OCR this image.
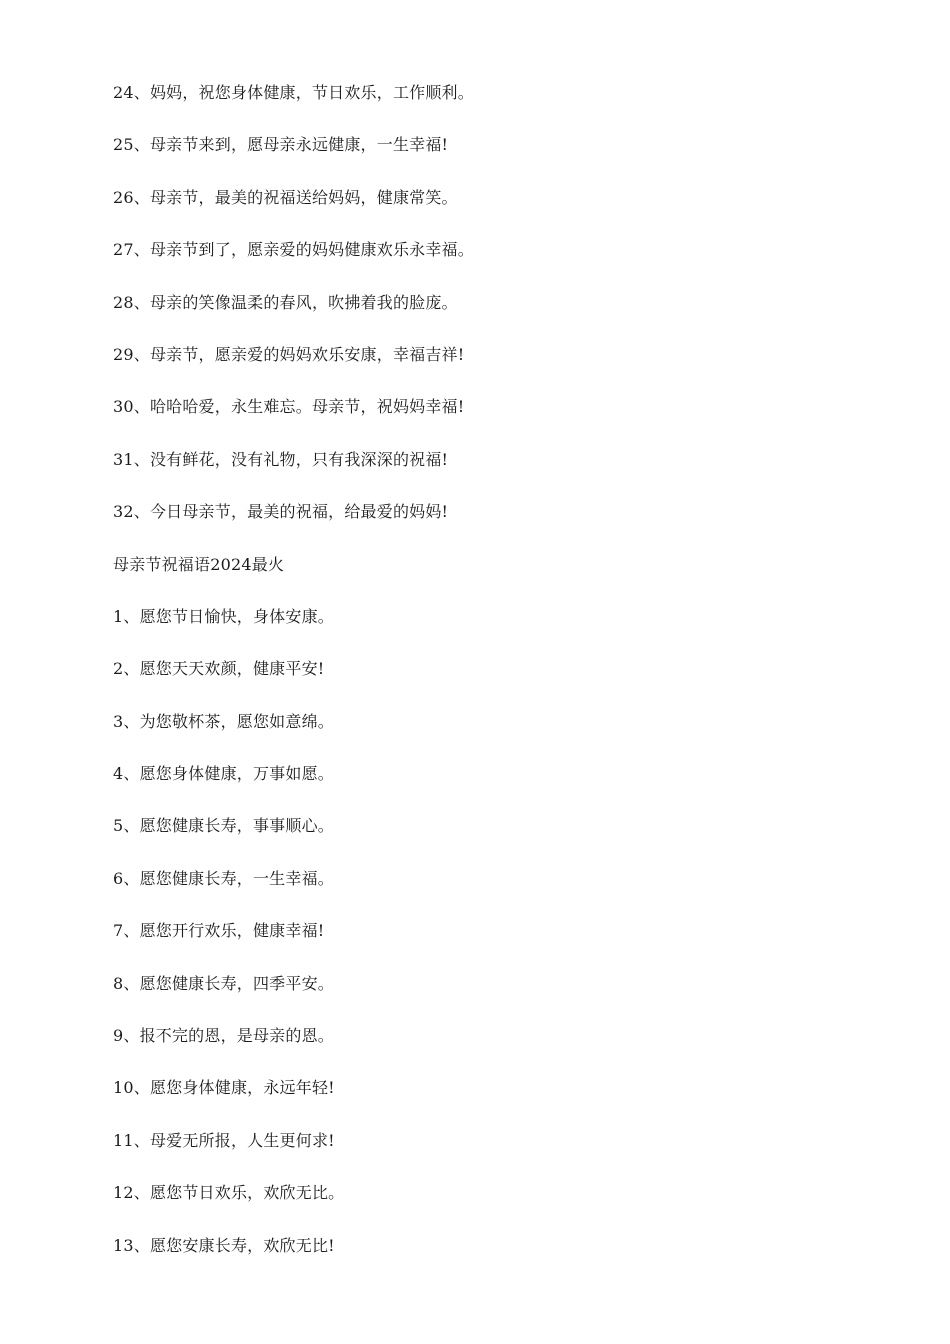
24、妈妈，祝您身体健康，节日欢乐，工作顺利。
25、母亲节来到，愿母亲永远健康，一生幸福!
26、母亲节，最美的祝福送给妈妈，健康常笑。
27、母亲节到了，愿亲爱的妈妈健康欢乐永幸福。
28、母亲的笑像温柔的春风，吹拂着我的脸庞。
29、母亲节，愿亲爱的妈妈欢乐安康，幸福吉祥!
30、哈哈哈爱，永生难忘。母亲节，祝妈妈幸福!
31、没有鲜花，没有礼物，只有我深深的祝福!
32、今日母亲节，最美的祝福，给最爱的妈妈!
母亲节祝福语2024最火
1、愿您节日愉快，身体安康。
2、愿您天天欢颜，健康平安!
3、为您敬杯茶，愿您如意绵。
4、愿您身体健康，万事如愿。
5、愿您健康长寿，事事顺心。
6、愿您健康长寿，一生幸福。
7、愿您开行欢乐，健康幸福!
8、愿您健康长寿，四季平安。
9、报不完的恩，是母亲的恩。
10、愿您身体健康，永远年轻!
11、母爱无所报，人生更何求!
12、愿您节日欢乐，欢欣无比。
13、愿您安康长寿，欢欣无比!
